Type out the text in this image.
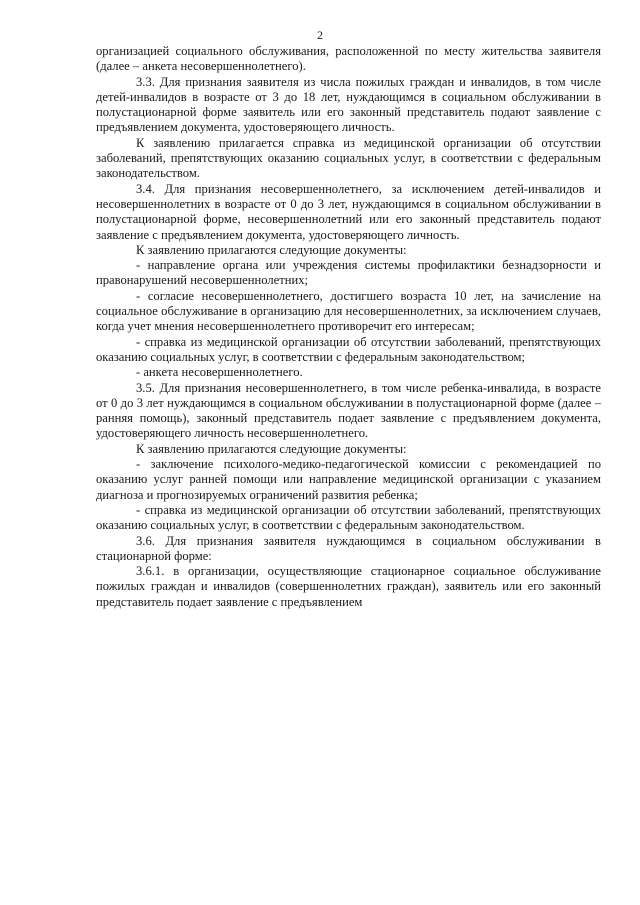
2

организацией социального обслуживания, расположенной по месту жительства заявителя (далее – анкета несовершеннолетнего).

3.3. Для признания заявителя из числа пожилых граждан и инвалидов, в том числе детей-инвалидов в возрасте от 3 до 18 лет, нуждающимся в социальном обслуживании в полустационарной форме заявитель или его законный представитель подают заявление с предъявлением документа, удостоверяющего личность.

К заявлению прилагается справка из медицинской организации об отсутствии заболеваний, препятствующих оказанию социальных услуг, в соответствии с федеральным законодательством.

3.4. Для признания несовершеннолетнего, за исключением детей-инвалидов и несовершеннолетних в возрасте от 0 до 3 лет, нуждающимся в социальном обслуживании в полустационарной форме, несовершеннолетний или его законный представитель подают заявление с предъявлением документа, удостоверяющего личность.

К заявлению прилагаются следующие документы:

- направление органа или учреждения системы профилактики безнадзорности и правонарушений несовершеннолетних;

- согласие несовершеннолетнего, достигшего возраста 10 лет, на зачисление на социальное обслуживание в организацию для несовершеннолетних, за исключением случаев, когда учет мнения несовершеннолетнего противоречит его интересам;

- справка из медицинской организации об отсутствии заболеваний, препятствующих оказанию социальных услуг, в соответствии с федеральным законодательством;

- анкета несовершеннолетнего.

3.5. Для признания несовершеннолетнего, в том числе ребенка-инвалида, в возрасте от 0 до 3 лет нуждающимся в социальном обслуживании в полустационарной форме (далее – ранняя помощь), законный представитель подает заявление с предъявлением документа, удостоверяющего личность несовершеннолетнего.

К заявлению прилагаются следующие документы:

- заключение психолого-медико-педагогической комиссии с рекомендацией по оказанию услуг ранней помощи или направление медицинской организации с указанием диагноза и прогнозируемых ограничений развития ребенка;

- справка из медицинской организации об отсутствии заболеваний, препятствующих оказанию социальных услуг, в соответствии с федеральным законодательством.

3.6. Для признания заявителя нуждающимся в социальном обслуживании в стационарной форме:

3.6.1. в организации, осуществляющие стационарное социальное обслуживание пожилых граждан и инвалидов (совершеннолетних граждан), заявитель или его законный представитель подает заявление с предъявлением
